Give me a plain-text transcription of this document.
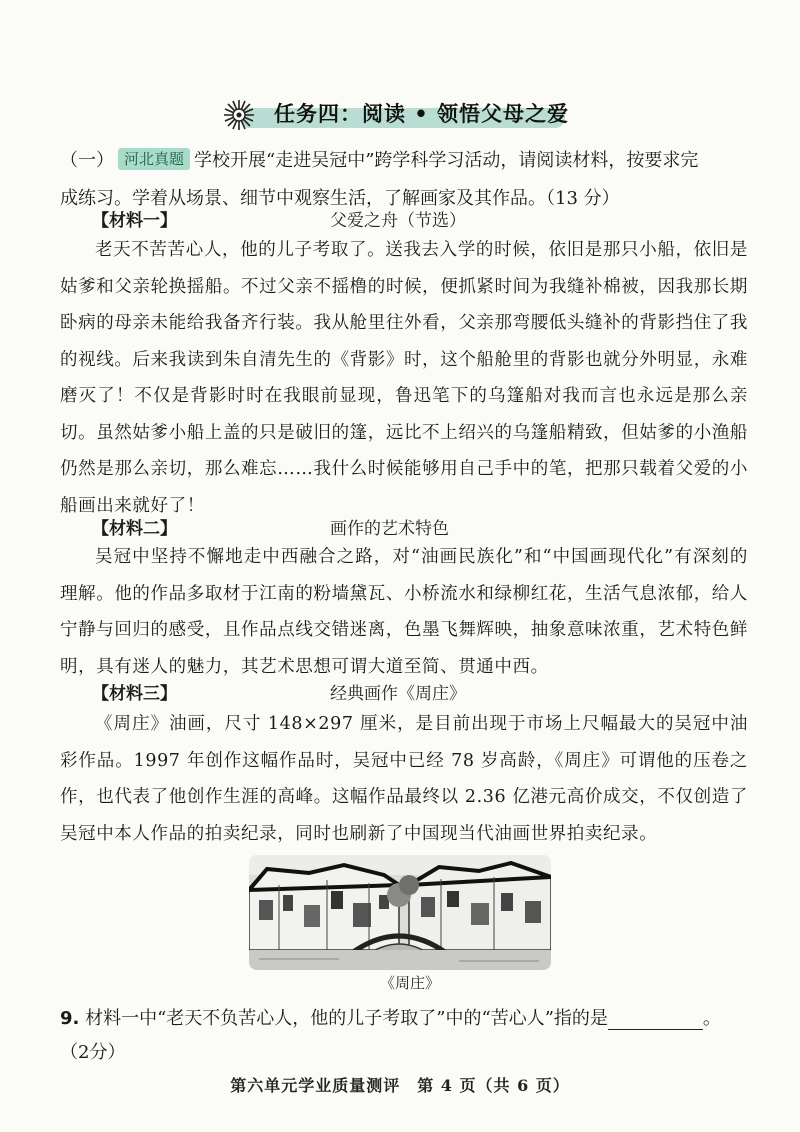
任务四：阅读 • 领悟父母之爱
（一） 河北真题 学校开展“走进吴冠中”跨学科学习活动，请阅读材料，按要求完
成练习。学着从场景、细节中观察生活，了解画家及其作品。（13 分）
【材料一】	父爱之舟（节选）
老天不苦苦心人，他的儿子考取了。送我去入学的时候，依旧是那只小船，依旧是姑爹和父亲轮换摇船。不过父亲不摇橹的时候，便抓紧时间为我缝补棉被，因我那长期卧病的母亲未能给我备齐行装。我从舱里往外看，父亲那弯腰低头缝补的背影挡住了我的视线。后来我读到朱自清先生的《背影》时，这个船舱里的背影也就分外明显，永难磨灭了！不仅是背影时时在我眼前显现，鲁迅笔下的乌篷船对我而言也永远是那么亲切。虽然姑爹小船上盖的只是破旧的篷，远比不上绍兴的乌篷船精致，但姑爹的小渔船仍然是那么亲切，那么难忘……我什么时候能够用自己手中的笔，把那只载着父爱的小船画出来就好了！
【材料二】	画作的艺术特色
吴冠中坚持不懈地走中西融合之路，对“油画民族化”和“中国画现代化”有深刻的理解。他的作品多取材于江南的粉墙黛瓦、小桥流水和绿柳红花，生活气息浓郁，给人宁静与回归的感受，且作品点线交错迷离，色墨飞舞辉映，抽象意味浓重，艺术特色鲜明，具有迷人的魅力，其艺术思想可谓大道至简、贯通中西。
【材料三】	经典画作《周庄》
《周庄》油画，尺寸 148×297 厘米，是目前出现于市场上尺幅最大的吴冠中油彩作品。1997 年创作这幅作品时，吴冠中已经 78 岁高龄，《周庄》可谓他的压卷之作，也代表了他创作生涯的高峰。这幅作品最终以 2.36 亿港元高价成交，不仅创造了吴冠中本人作品的拍卖纪录，同时也刷新了中国现当代油画世界拍卖纪录。
《周庄》
9. 材料一中“老天不负苦心人，他的儿子考取了”中的“苦心人”指的是	。
（2分）
第六单元学业质量测评　第 4 页（共 6 页）
